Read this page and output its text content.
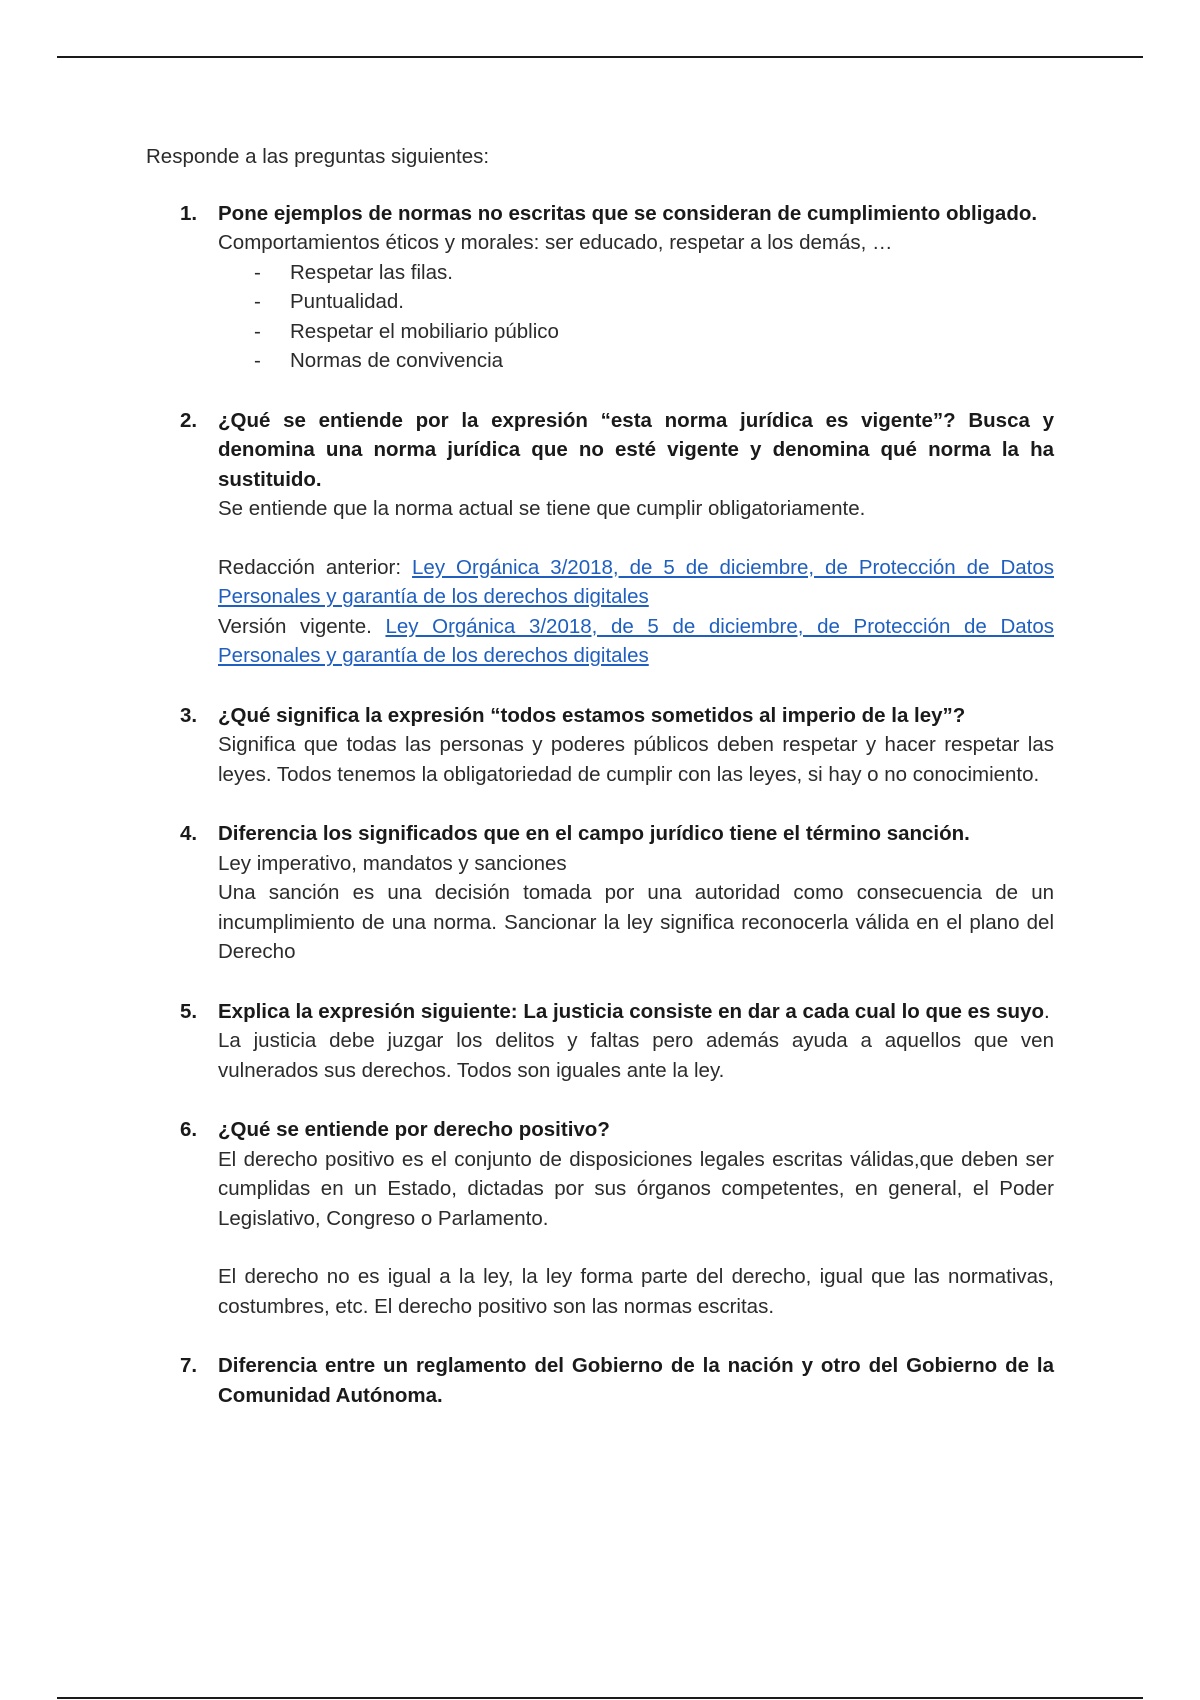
Responde a las preguntas siguientes:

1. Pone ejemplos de normas no escritas que se consideran de cumplimiento obligado.
Comportamientos éticos y morales: ser educado, respetar a los demás, …
- Respetar las filas.
- Puntualidad.
- Respetar el mobiliario público
- Normas de convivencia
2. ¿Qué se entiende por la expresión “esta norma jurídica es vigente”? Busca y denomina una norma jurídica que no esté vigente y denomina qué norma la ha sustituido.
Se entiende que la norma actual se tiene que cumplir obligatoriamente.
Redacción anterior: Ley Orgánica 3/2018, de 5 de diciembre, de Protección de Datos Personales y garantía de los derechos digitales
Versión vigente. Ley Orgánica 3/2018, de 5 de diciembre, de Protección de Datos Personales y garantía de los derechos digitales
3. ¿Qué significa la expresión “todos estamos sometidos al imperio de la ley”?
Significa que todas las personas y poderes públicos deben respetar y hacer respetar las leyes. Todos tenemos la obligatoriedad de cumplir con las leyes, si hay o no conocimiento.
4. Diferencia los significados que en el campo jurídico tiene el término sanción.
Ley imperativo, mandatos y sanciones
Una sanción es una decisión tomada por una autoridad como consecuencia de un incumplimiento de una norma. Sancionar la ley significa reconocerla válida en el plano del Derecho
5. Explica la expresión siguiente: La justicia consiste en dar a cada cual lo que es suyo.
La justicia debe juzgar los delitos y faltas pero además ayuda a aquellos que ven vulnerados sus derechos. Todos son iguales ante la ley.
6. ¿Qué se entiende por derecho positivo?
El derecho positivo es el conjunto de disposiciones legales escritas válidas,que deben ser cumplidas en un Estado, dictadas por sus órganos competentes, en general, el Poder Legislativo, Congreso o Parlamento.
El derecho no es igual a la ley, la ley forma parte del derecho, igual que las normativas, costumbres, etc. El derecho positivo son las normas escritas.
7. Diferencia entre un reglamento del Gobierno de la nación y otro del Gobierno de la Comunidad Autónoma.
